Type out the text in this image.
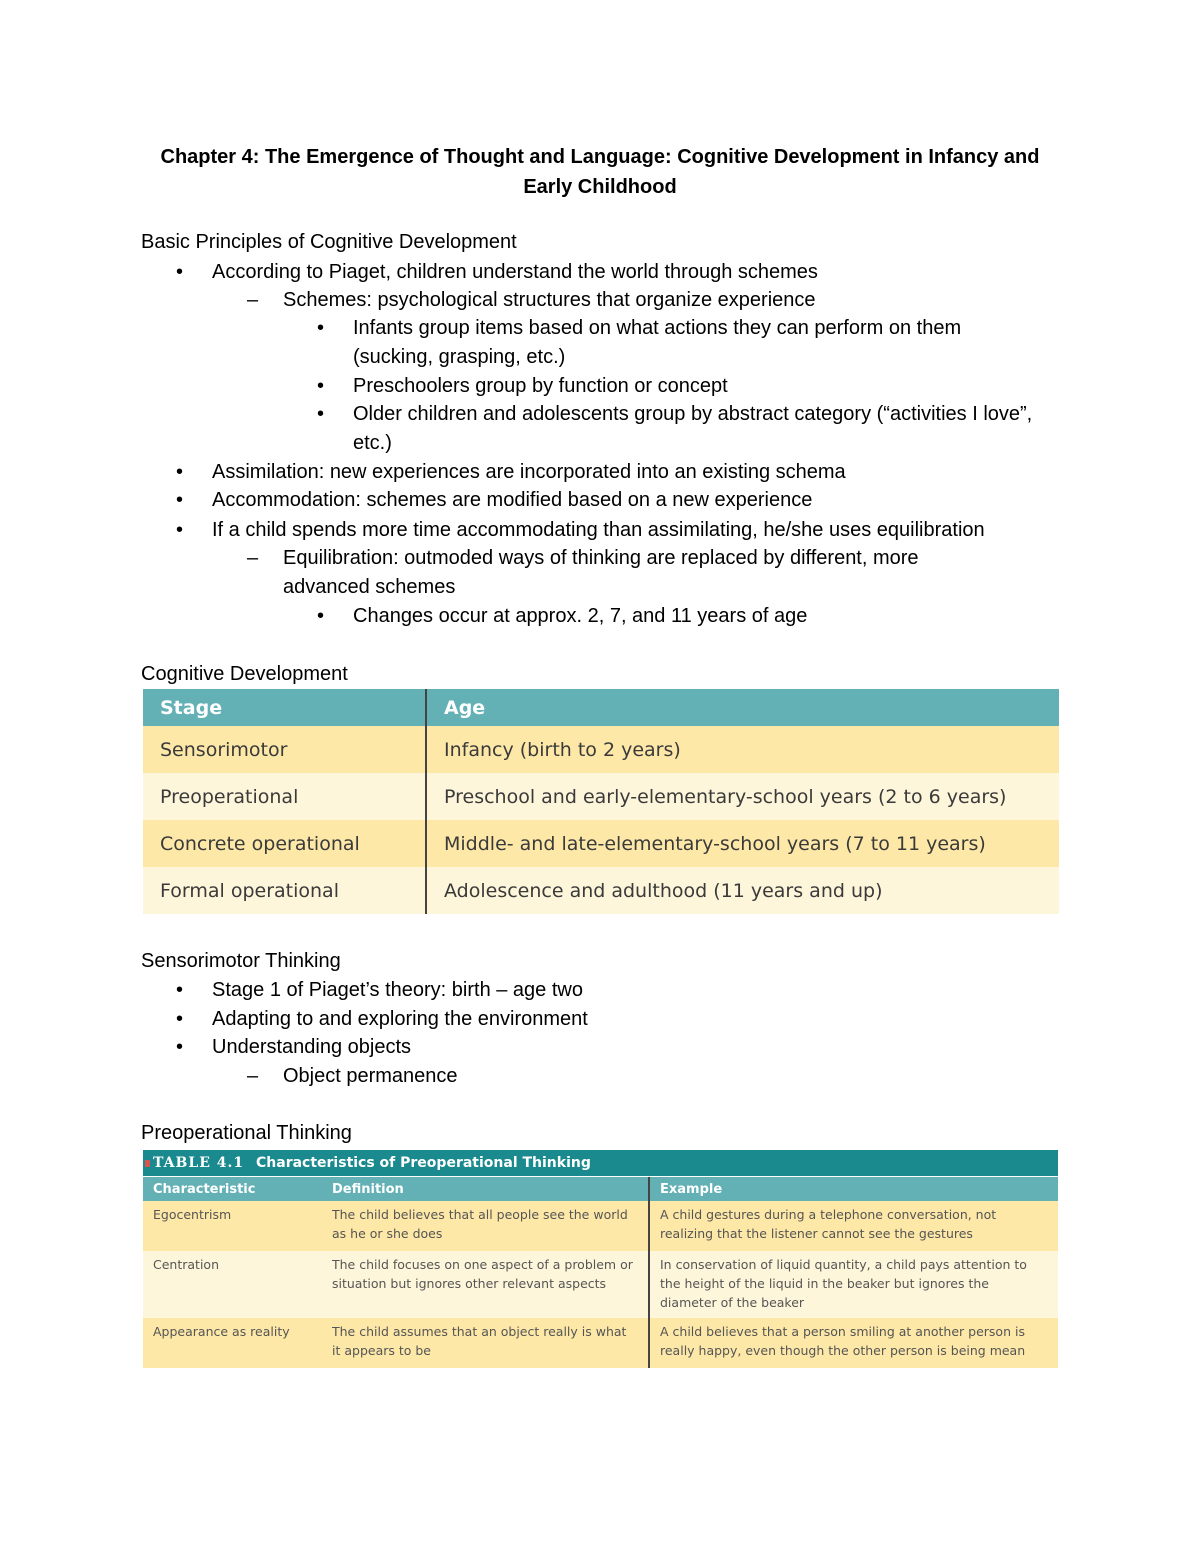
Chapter 4: The Emergence of Thought and Language: Cognitive Development in Infancy and Early Childhood
Basic Principles of Cognitive Development
• According to Piaget, children understand the world through schemes
– Schemes: psychological structures that organize experience
• Infants group items based on what actions they can perform on them (sucking, grasping, etc.)
• Preschoolers group by function or concept
• Older children and adolescents group by abstract category (“activities I love”, etc.)
• Assimilation: new experiences are incorporated into an existing schema
• Accommodation: schemes are modified based on a new experience
• If a child spends more time accommodating than assimilating, he/she uses equilibration
– Equilibration: outmoded ways of thinking are replaced by different, more advanced schemes
• Changes occur at approx. 2, 7, and 11 years of age
Cognitive Development
Stage	Age
Sensorimotor	Infancy (birth to 2 years)
Preoperational	Preschool and early-elementary-school years (2 to 6 years)
Concrete operational	Middle- and late-elementary-school years (7 to 11 years)
Formal operational	Adolescence and adulthood (11 years and up)
Sensorimotor Thinking
• Stage 1 of Piaget’s theory: birth – age two
• Adapting to and exploring the environment
• Understanding objects
– Object permanence
Preoperational Thinking
TABLE 4.1 Characteristics of Preoperational Thinking
Characteristic	Definition	Example
Egocentrism	The child believes that all people see the world as he or she does	A child gestures during a telephone conversation, not realizing that the listener cannot see the gestures
Centration	The child focuses on one aspect of a problem or situation but ignores other relevant aspects	In conservation of liquid quantity, a child pays attention to the height of the liquid in the beaker but ignores the diameter of the beaker
Appearance as reality	The child assumes that an object really is what it appears to be	A child believes that a person smiling at another person is really happy, even though the other person is being mean
